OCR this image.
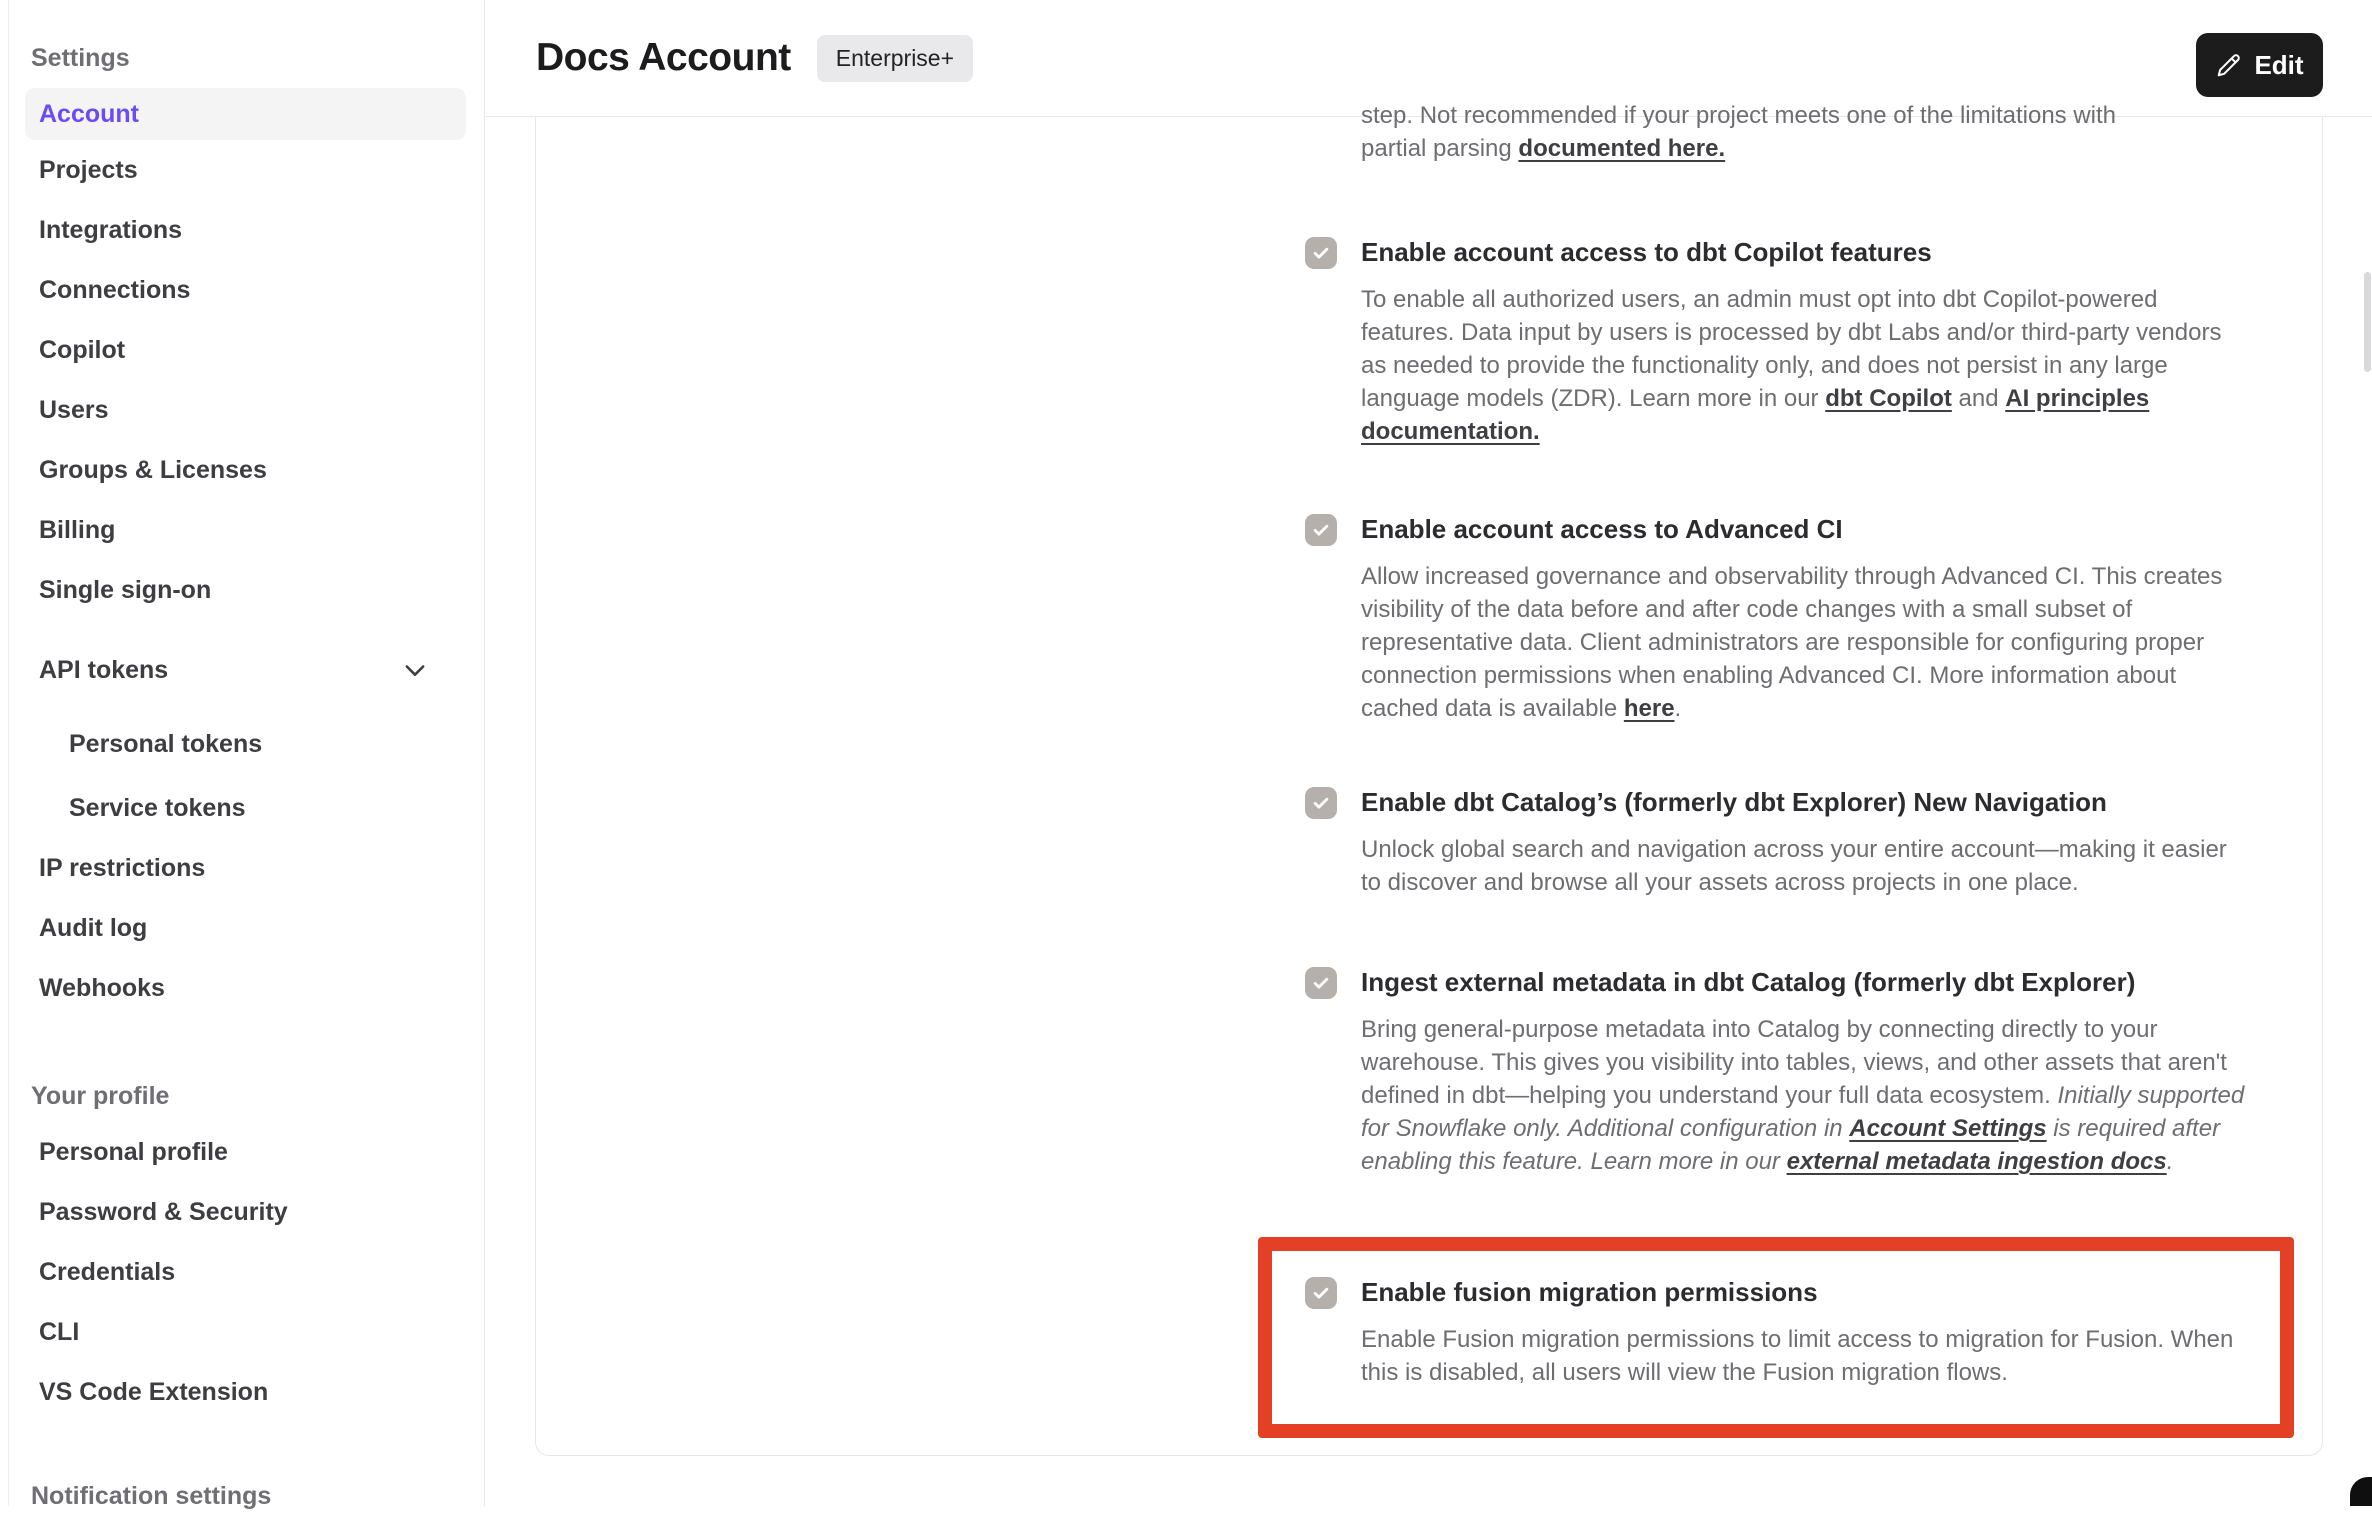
Settings
Account
Projects
Integrations
Connections
Copilot
Users
Groups & Licenses
Billing
Single sign-on
API tokens
Personal tokens
Service tokens
IP restrictions
Audit log
Webhooks
Your profile
Personal profile
Password & Security
Credentials
CLI
VS Code Extension
Notification settings
Docs Account	Enterprise+	Edit
step. Not recommended if your project meets one of the limitations with
partial parsing documented here.
Enable account access to dbt Copilot features
To enable all authorized users, an admin must opt into dbt Copilot-powered features. Data input by users is processed by dbt Labs and/or third-party vendors as needed to provide the functionality only, and does not persist in any large language models (ZDR). Learn more in our dbt Copilot and AI principles documentation.
Enable account access to Advanced CI
Allow increased governance and observability through Advanced CI. This creates visibility of the data before and after code changes with a small subset of representative data. Client administrators are responsible for configuring proper connection permissions when enabling Advanced CI. More information about cached data is available here.
Enable dbt Catalog’s (formerly dbt Explorer) New Navigation
Unlock global search and navigation across your entire account—making it easier to discover and browse all your assets across projects in one place.
Ingest external metadata in dbt Catalog (formerly dbt Explorer)
Bring general-purpose metadata into Catalog by connecting directly to your warehouse. This gives you visibility into tables, views, and other assets that aren't defined in dbt—helping you understand your full data ecosystem. Initially supported for Snowflake only. Additional configuration in Account Settings is required after enabling this feature. Learn more in our external metadata ingestion docs.
Enable fusion migration permissions
Enable Fusion migration permissions to limit access to migration for Fusion. When this is disabled, all users will view the Fusion migration flows.
